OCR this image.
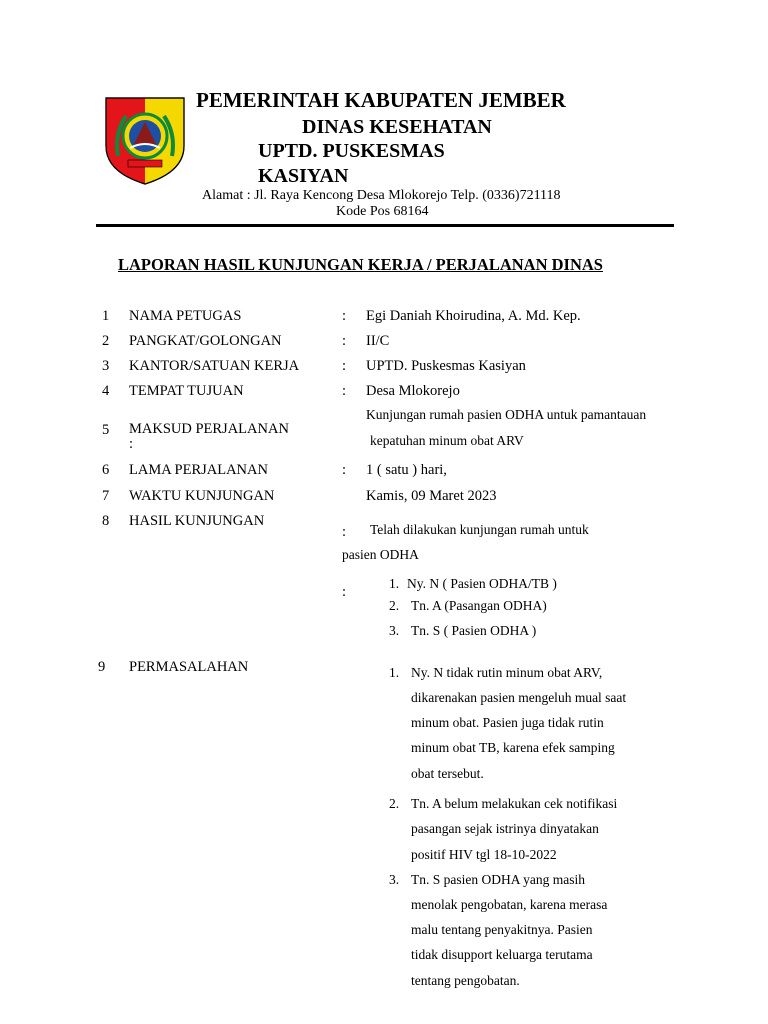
PEMERINTAH KABUPATEN JEMBER
DINAS KESEHATAN
UPTD. PUSKESMAS
KASIYAN
Alamat : Jl. Raya Kencong Desa Mlokorejo Telp. (0336)721118
Kode Pos 68164
LAPORAN HASIL KUNJUNGAN KERJA / PERJALANAN DINAS
1 NAMA PETUGAS	: Egi Daniah Khoirudina, A. Md. Kep.
2 PANGKAT/GOLONGAN	: II/C
3 KANTOR/SATUAN KERJA	: UPTD. Puskesmas Kasiyan
4 TEMPAT TUJUAN	: Desa Mlokorejo
5 MAKSUD PERJALANAN
:
Kunjungan rumah pasien ODHA untuk pamantauan
kepatuhan minum obat ARV
6 LAMA PERJALANAN	: 1 ( satu ) hari,
7 WAKTU KUNJUNGAN	Kamis, 09 Maret 2023
8 HASIL KUNJUNGAN
: Telah dilakukan kunjungan rumah untuk
pasien ODHA
:
1. Ny. N ( Pasien ODHA/TB )
2. Tn. A (Pasangan ODHA)
3. Tn. S ( Pasien ODHA )
9 PERMASALAHAN	1. Ny. N tidak rutin minum obat ARV,
dikarenakan pasien mengeluh mual saat
minum obat. Pasien juga tidak rutin
minum obat TB, karena efek samping
obat tersebut.
2. Tn. A belum melakukan cek notifikasi
pasangan sejak istrinya dinyatakan
positif HIV tgl 18-10-2022
3. Tn. S pasien ODHA yang masih
menolak pengobatan, karena merasa
malu tentang penyakitnya. Pasien
tidak disupport keluarga terutama
tentang pengobatan.
